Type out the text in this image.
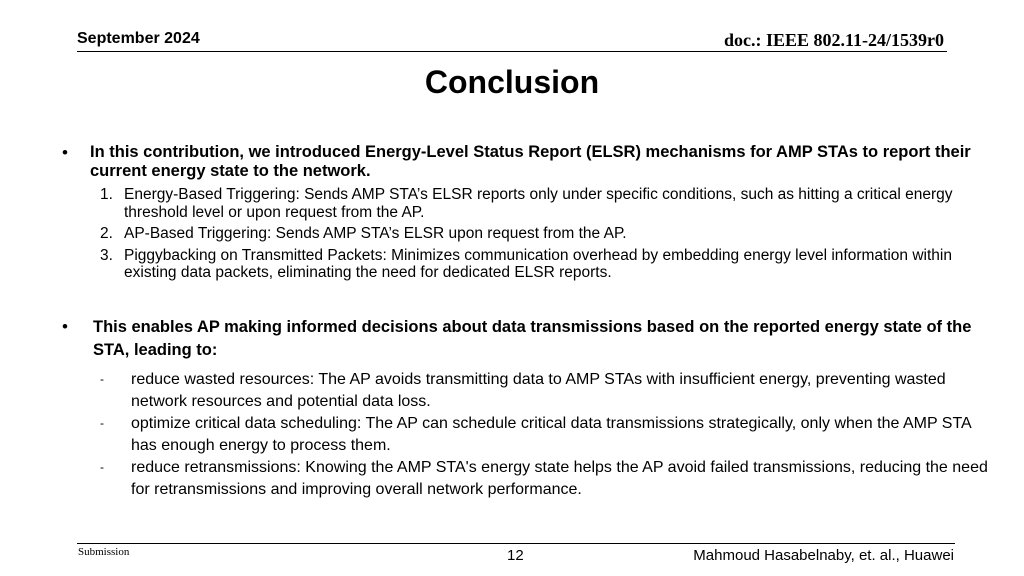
September 2024	doc.: IEEE 802.11-24/1539r0
Conclusion
• In this contribution, we introduced Energy-Level Status Report (ELSR) mechanisms for AMP STAs to report their current energy state to the network.
1. Energy-Based Triggering: Sends AMP STA’s ELSR reports only under specific conditions, such as hitting a critical energy threshold level or upon request from the AP.
2. AP-Based Triggering: Sends AMP STA’s ELSR upon request from the AP.
3. Piggybacking on Transmitted Packets: Minimizes communication overhead by embedding energy level information within existing data packets, eliminating the need for dedicated ELSR reports.
• This enables AP making informed decisions about data transmissions based on the reported energy state of the STA, leading to:
- reduce wasted resources: The AP avoids transmitting data to AMP STAs with insufficient energy, preventing wasted network resources and potential data loss.
- optimize critical data scheduling: The AP can schedule critical data transmissions strategically, only when the AMP STA has enough energy to process them.
- reduce retransmissions: Knowing the AMP STA's energy state helps the AP avoid failed transmissions, reducing the need for retransmissions and improving overall network performance.
Submission	12	Mahmoud Hasabelnaby, et. al., Huawei
